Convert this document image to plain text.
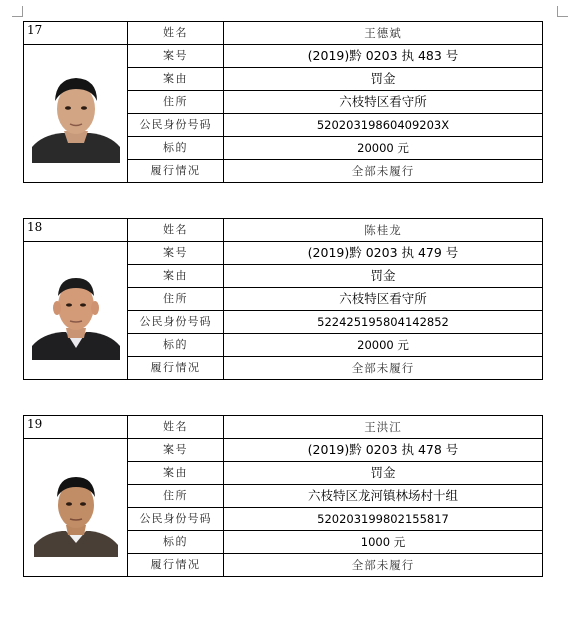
17	姓名	王德斌

	案号	(2019)黔 0203 执 483 号
	案由	罚金
	住所	六枝特区看守所
	公民身份号码	52020319860409203X
	标的	20000 元
	履行情况	全部未履行
18	姓名	陈桂龙

	案号	(2019)黔 0203 执 479 号
	案由	罚金
	住所	六枝特区看守所
	公民身份号码	522425195804142852
	标的	20000 元
	履行情况	全部未履行
19	姓名	王洪江

	案号	(2019)黔 0203 执 478 号
	案由	罚金
	住所	六枝特区龙河镇林场村十组
	公民身份号码	520203199802155817
	标的	1000 元
	履行情况	全部未履行
